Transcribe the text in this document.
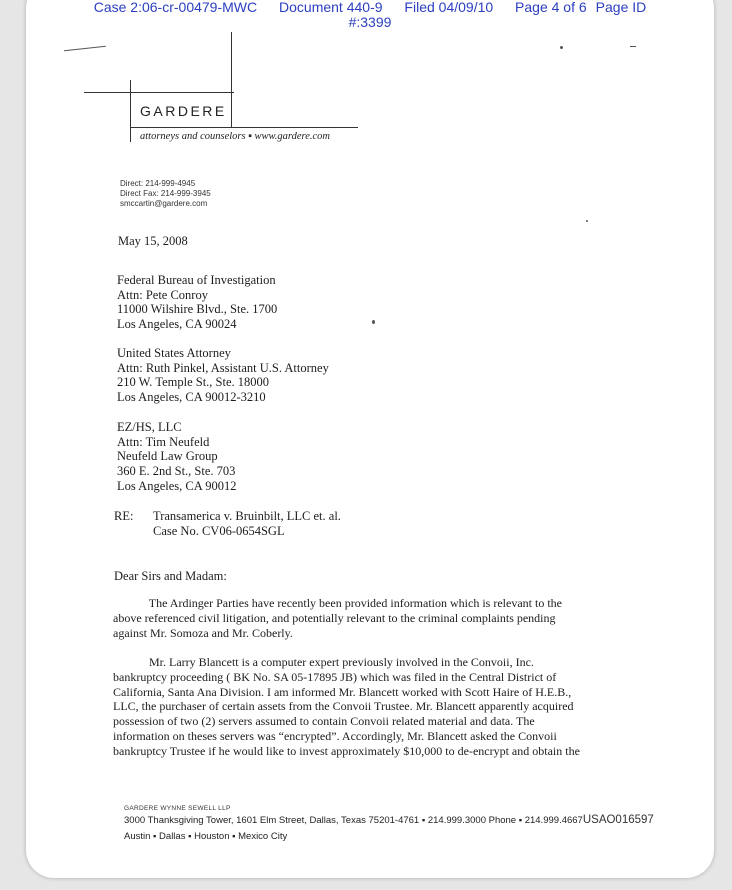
Case 2:06-cr-00479-MWC Document 440-9 Filed 04/09/10 Page 4 of 6 Page ID
#:3399
GARDERE
attorneys and counselors ▪ www.gardere.com
Direct: 214-999-4945
Direct Fax: 214-999-3945
smccartin@gardere.com
May 15, 2008
Federal Bureau of Investigation
Attn: Pete Conroy
11000 Wilshire Blvd., Ste. 1700
Los Angeles, CA 90024
United States Attorney
Attn: Ruth Pinkel, Assistant U.S. Attorney
210 W. Temple St., Ste. 18000
Los Angeles, CA 90012-3210
EZ/HS, LLC
Attn: Tim Neufeld
Neufeld Law Group
360 E. 2nd St., Ste. 703
Los Angeles, CA 90012
RE: Transamerica v. Bruinbilt, LLC et. al.
Case No. CV06-0654SGL
Dear Sirs and Madam:
The Ardinger Parties have recently been provided information which is relevant to the
above referenced civil litigation, and potentially relevant to the criminal complaints pending
against Mr. Somoza and Mr. Coberly.
Mr. Larry Blancett is a computer expert previously involved in the Convoii, Inc.
bankruptcy proceeding ( BK No. SA 05-17895 JB) which was filed in the Central District of
California, Santa Ana Division. I am informed Mr. Blancett worked with Scott Haire of H.E.B.,
LLC, the purchaser of certain assets from the Convoii Trustee. Mr. Blancett apparently acquired
possession of two (2) servers assumed to contain Convoii related material and data. The
information on theses servers was “encrypted”. Accordingly, Mr. Blancett asked the Convoii
bankruptcy Trustee if he would like to invest approximately $10,000 to de-encrypt and obtain the
GARDERE WYNNE SEWELL LLP
3000 Thanksgiving Tower, 1601 Elm Street, Dallas, Texas 75201-4761 ▪ 214.999.3000 Phone ▪ 214.999.4667USAO016597
Austin ▪ Dallas ▪ Houston ▪ Mexico City
